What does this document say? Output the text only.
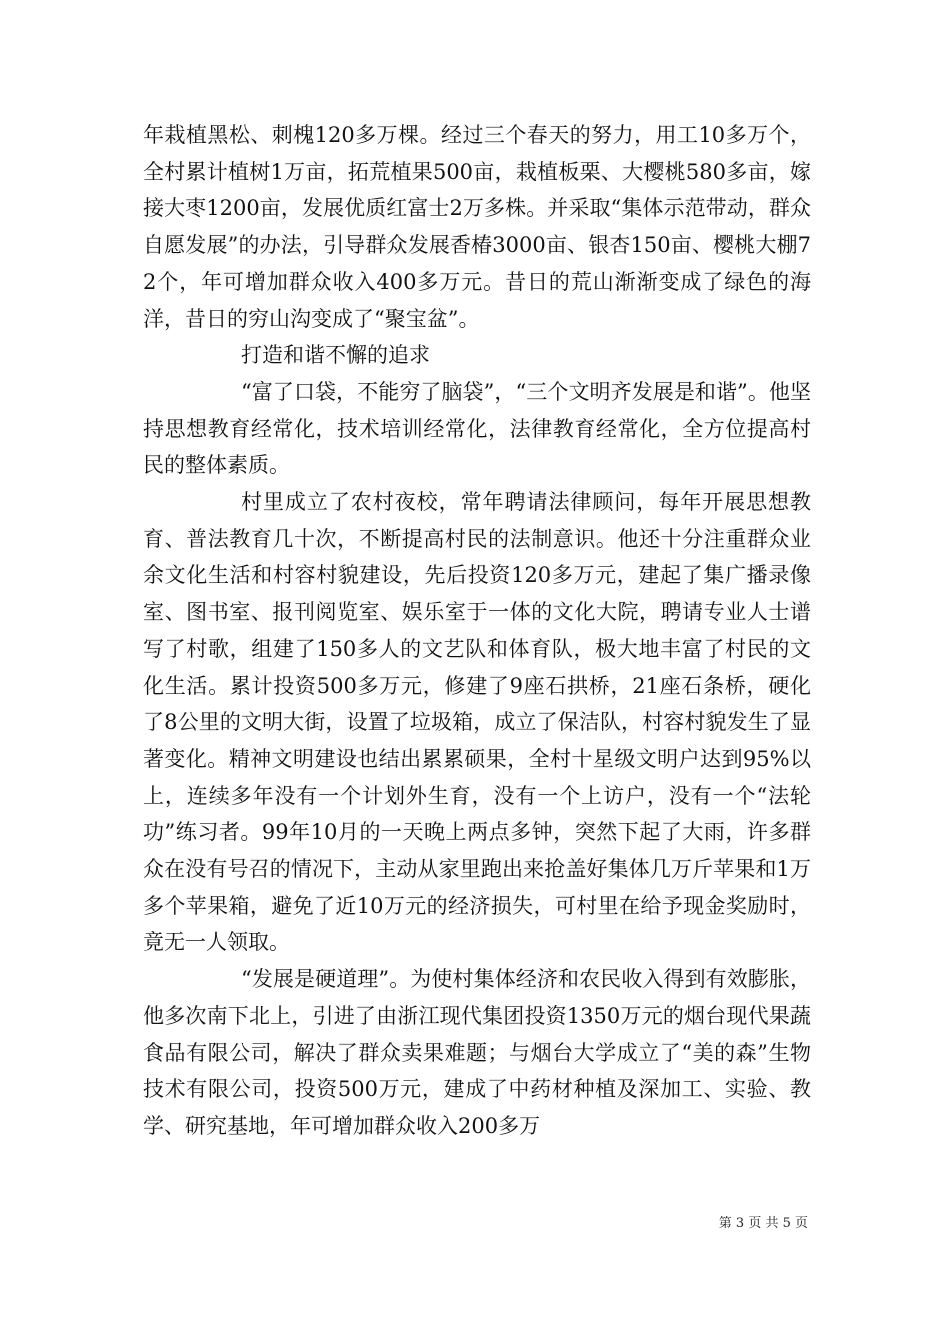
年栽植黑松、刺槐120多万棵。经过三个春天的努力，用工10多万个，全村累计植树1万亩，拓荒植果500亩，栽植板栗、大樱桃580多亩，嫁接大枣1200亩，发展优质红富士2万多株。并采取“集体示范带动，群众自愿发展”的办法，引导群众发展香椿3000亩、银杏150亩、樱桃大棚72个，年可增加群众收入400多万元。昔日的荒山渐渐变成了绿色的海洋，昔日的穷山沟变成了“聚宝盆”。

打造和谐不懈的追求

“富了口袋，不能穷了脑袋”，“三个文明齐发展是和谐”。他坚持思想教育经常化，技术培训经常化，法律教育经常化，全方位提高村民的整体素质。

村里成立了农村夜校，常年聘请法律顾问，每年开展思想教育、普法教育几十次，不断提高村民的法制意识。他还十分注重群众业余文化生活和村容村貌建设，先后投资120多万元，建起了集广播录像室、图书室、报刊阅览室、娱乐室于一体的文化大院，聘请专业人士谱写了村歌，组建了150多人的文艺队和体育队，极大地丰富了村民的文化生活。累计投资500多万元，修建了9座石拱桥，21座石条桥，硬化了8公里的文明大街，设置了垃圾箱，成立了保洁队，村容村貌发生了显著变化。精神文明建设也结出累累硕果，全村十星级文明户达到95%以上，连续多年没有一个计划外生育，没有一个上访户，没有一个“法轮功”练习者。99年10月的一天晚上两点多钟，突然下起了大雨，许多群众在没有号召的情况下，主动从家里跑出来抢盖好集体几万斤苹果和1万多个苹果箱，避免了近10万元的经济损失，可村里在给予现金奖励时，竟无一人领取。

“发展是硬道理”。为使村集体经济和农民收入得到有效膨胀，他多次南下北上，引进了由浙江现代集团投资1350万元的烟台现代果蔬食品有限公司，解决了群众卖果难题；与烟台大学成立了“美的森”生物技术有限公司，投资500万元，建成了中药材种植及深加工、实验、教学、研究基地，年可增加群众收入200多万

第 3 页 共 5 页
